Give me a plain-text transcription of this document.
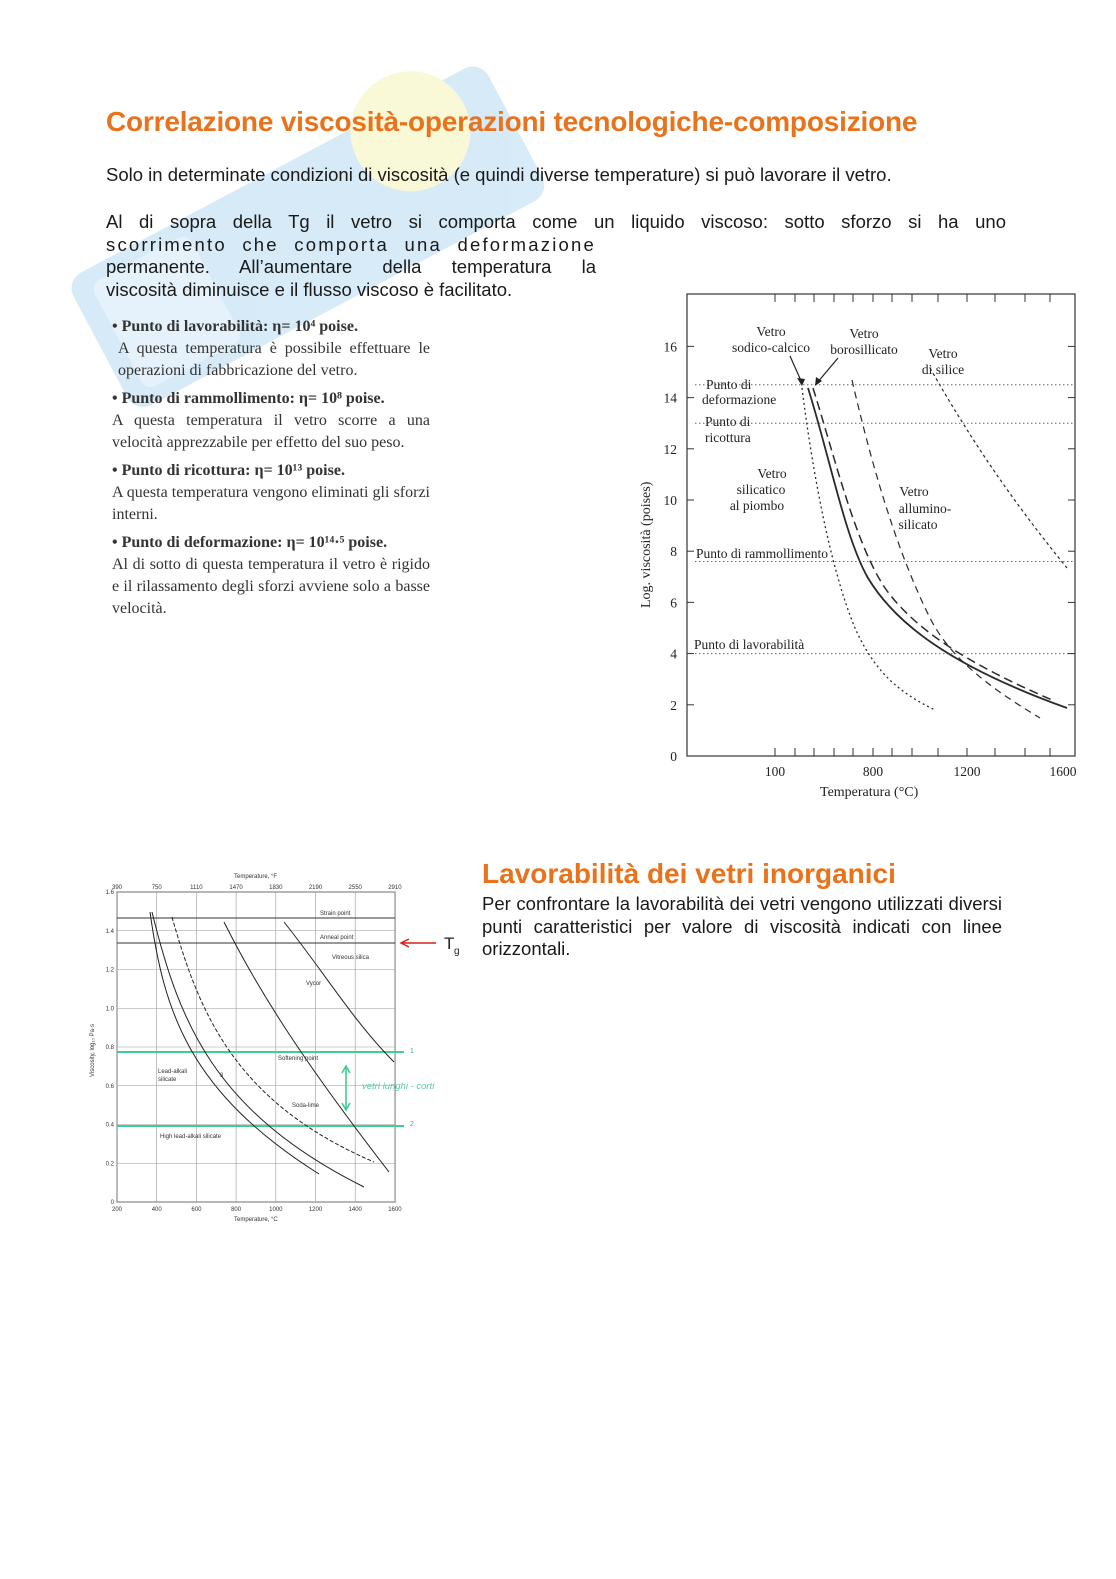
Correlazione viscosità-operazioni tecnologiche-composizione
Solo in determinate condizioni di viscosità (e quindi diverse temperature) si può lavorare il vetro.
Al di sopra della Tg il vetro si comporta come un liquido viscoso: sotto sforzo si ha uno
scorrimento che comporta una deformazione
permanente. All’aumentare della temperatura la
viscosità diminuisce e il flusso viscoso è facilitato.
• Punto di lavorabilità: η= 10⁴ poise.
A questa temperatura è possibile effettuare le operazioni di fabbricazione del vetro.
• Punto di rammollimento: η= 10⁸ poise.
A questa temperatura il vetro scorre a una velocità apprezzabile per effetto del suo peso.
• Punto di ricottura: η= 10¹³ poise.
A questa temperatura vengono eliminati gli sforzi interni.
• Punto di deformazione: η= 10¹⁴·⁵ poise.
Al di sotto di questa temperatura il vetro è rigido e il rilassamento degli sforzi avviene solo a basse velocità.
0
2
4
6
8
10
12
14
16
100	800	1200	1600
Temperatura (°C)
Log. viscosità (poises)
Vetro
sodico-calcico
Vetro
borosillicato Vetro
di silice
Vetro
silicatico
al piombo
Vetro
allumino-
silicato
Punto di
deformazione
Punto di
ricottura
Punto di rammollimento
Punto di lavorabilità
0
0.2
0.4
0.6
0.8
1.0
1.2
1.4
1.6
200
390
400
750
600
1110
800
1470
1000
1830
1200
2190
1400
2550
1600
2910
Temperature, °F
Temperature, °C
Viscosity, log₁₀ Pa·s
Strain point
Anneal point
Softening point
Vitreous silica
Vycor
Soda-lime
Lead-alkali
silicate
High lead-alkali silicate
3
vetri lunghi - corti
1
2
T g
Lavorabilità dei vetri inorganici
Per confrontare la lavorabilità dei vetri vengono utilizzati diversi punti caratteristici per valore di viscosità indicati con linee orizzontali.
